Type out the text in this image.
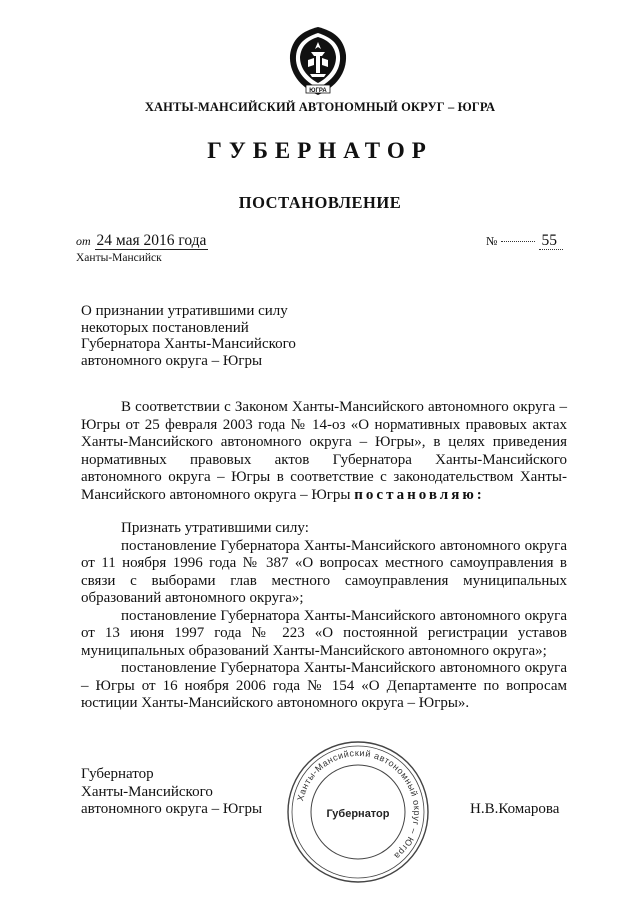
ЮГРА
ХАНТЫ-МАНСИЙСКИЙ АВТОНОМНЫЙ ОКРУГ – ЮГРА
ГУБЕРНАТОР
ПОСТАНОВЛЕНИЕ
от 24 мая 2016 года	№	55
Ханты-Мансийск
О признании утратившими силу
некоторых постановлений
Губернатора Ханты-Мансийского
автономного округа – Югры

В соответствии с Законом Ханты-Мансийского автономного округа – Югры от 25 февраля 2003 года № 14-оз «О нормативных правовых актах Ханты-Мансийского автономного округа – Югры», в целях приведения нормативных правовых актов Губернатора Ханты-Мансийского автономного округа – Югры в соответствие с законодательством Ханты-Мансийского автономного округа – Югры постановляю:

Признать утратившими силу:

постановление Губернатора Ханты-Мансийского автономного округа от 11 ноября 1996 года № 387 «О вопросах местного самоуправления в связи с выборами глав местного самоуправления муниципальных образований автономного округа»;

постановление Губернатора Ханты-Мансийского автономного округа от 13 июня 1997 года № 223 «О постоянной регистрации уставов муниципальных образований Ханты-Мансийского автономного округа»;

постановление Губернатора Ханты-Мансийского автономного округа – Югры от 16 ноября 2006 года № 154 «О Департаменте по вопросам юстиции Ханты-Мансийского автономного округа – Югры».

Губернатор
Ханты-Мансийского
автономного округа – Югры
Ханты-Мансийский автономный округ – Югра
Губернатор	Н.В.Комарова
